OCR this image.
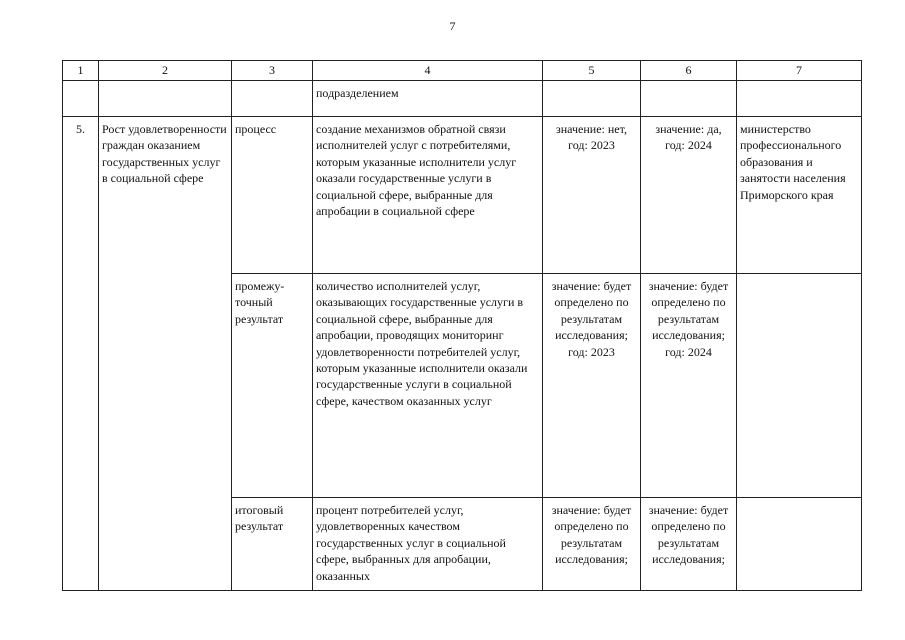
7
1	2	3	4	5	6	7
			подразделением			
5.	Рост удовлетворенности граждан оказанием государственных услуг в социальной сфере	процесс	создание механизмов обратной связи исполнителей услуг с потребителями, которым указанные исполнители услуг оказали государственные услуги в социальной сфере, выбранные для апробации в социальной сфере	значение: нет, год: 2023	значение: да, год: 2024	министерство профессионального образования и занятости населения Приморского края
		промежу-точный результат	количество исполнителей услуг, оказывающих государственные услуги в социальной сфере, выбранные для апробации, проводящих мониторинг удовлетворенности потребителей услуг, которым указанные исполнители оказали государственные услуги в социальной сфере, качеством оказанных услуг	значение: будет определено по результатам исследования; год: 2023	значение: будет определено по результатам исследования; год: 2024	
		итоговый результат	процент потребителей услуг, удовлетворенных качеством государственных услуг в социальной сфере, выбранных для апробации, оказанных	значение: будет определено по результатам исследования;	значение: будет определено по результатам исследования;	
